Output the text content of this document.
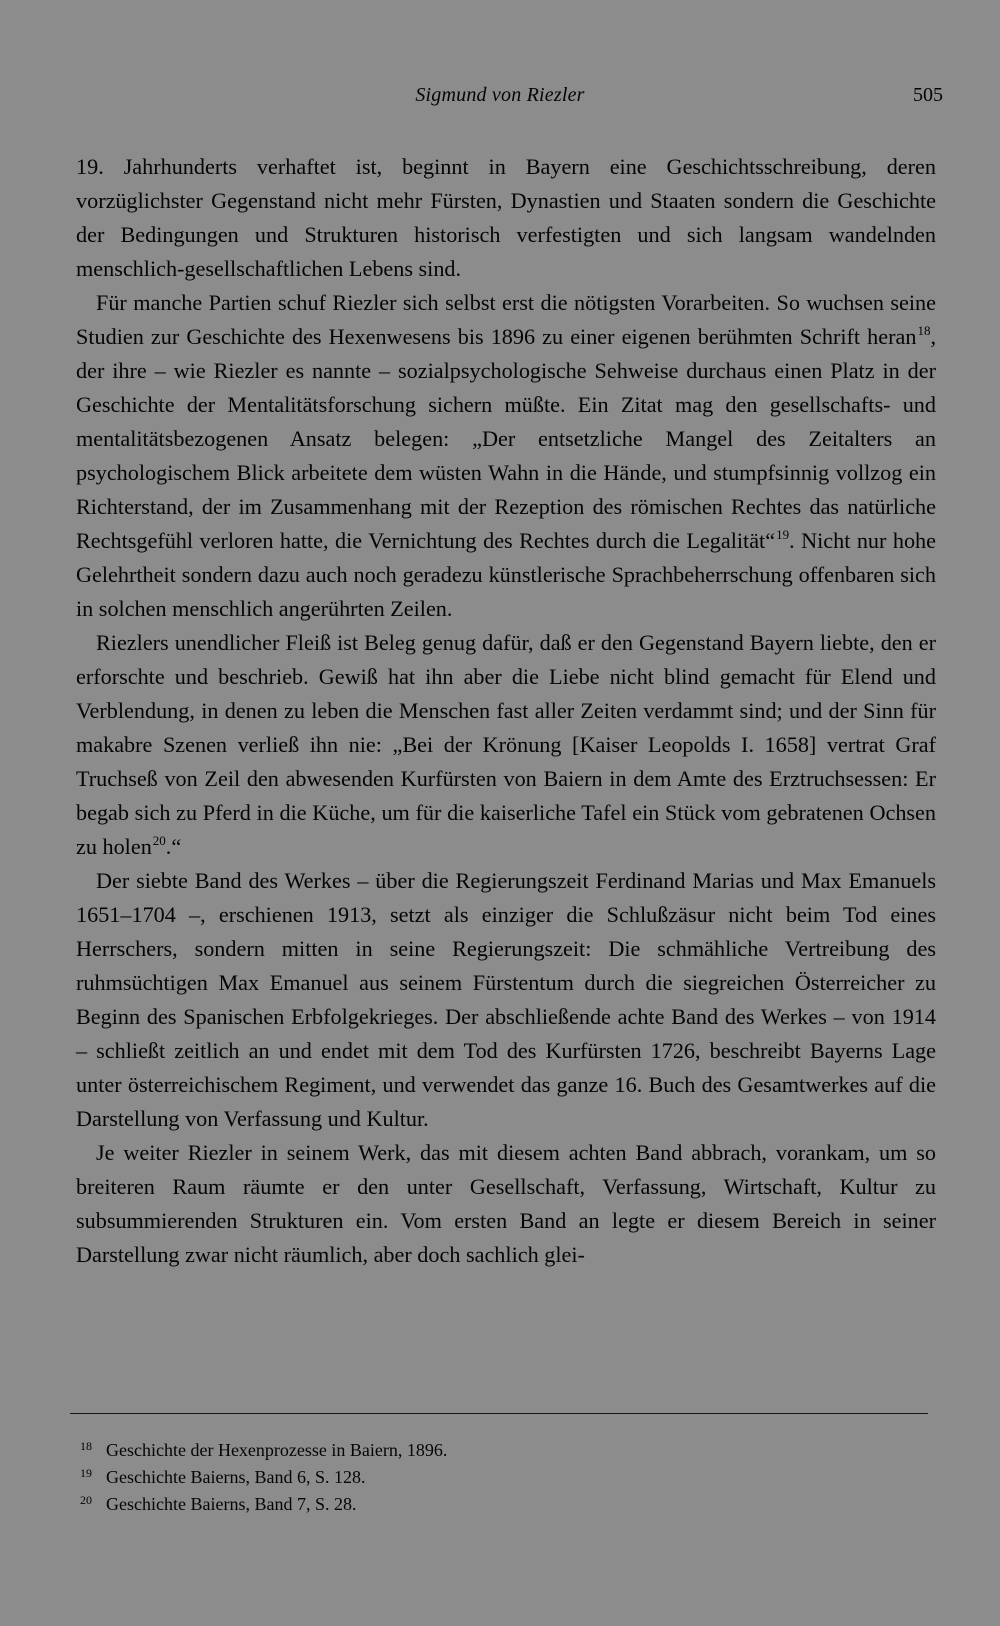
Sigmund von Riezler	505

19. Jahrhunderts verhaftet ist, beginnt in Bayern eine Geschichtsschreibung, deren vorzüglichster Gegenstand nicht mehr Fürsten, Dynastien und Staaten sondern die Geschichte der Bedingungen und Strukturen historisch verfestigten und sich langsam wandelnden menschlich-gesellschaftlichen Lebens sind.

Für manche Partien schuf Riezler sich selbst erst die nötigsten Vorarbeiten. So wuchsen seine Studien zur Geschichte des Hexenwesens bis 1896 zu einer eigenen berühmten Schrift heran$^{18}$, der ihre – wie Riezler es nannte – sozialpsychologische Sehweise durchaus einen Platz in der Geschichte der Mentalitätsforschung sichern müßte. Ein Zitat mag den gesellschafts- und mentalitätsbezogenen Ansatz belegen: „Der entsetzliche Mangel des Zeitalters an psychologischem Blick arbeitete dem wüsten Wahn in die Hände, und stumpfsinnig vollzog ein Richterstand, der im Zusammenhang mit der Rezeption des römischen Rechtes das natürliche Rechtsgefühl verloren hatte, die Vernichtung des Rechtes durch die Legalität“$^{19}$. Nicht nur hohe Gelehrtheit sondern dazu auch noch geradezu künstlerische Sprachbeherrschung offenbaren sich in solchen menschlich angerührten Zeilen.

Riezlers unendlicher Fleiß ist Beleg genug dafür, daß er den Gegenstand Bayern liebte, den er erforschte und beschrieb. Gewiß hat ihn aber die Liebe nicht blind gemacht für Elend und Verblendung, in denen zu leben die Menschen fast aller Zeiten verdammt sind; und der Sinn für makabre Szenen verließ ihn nie: „Bei der Krönung [Kaiser Leopolds I. 1658] vertrat Graf Truchseß von Zeil den abwesenden Kurfürsten von Baiern in dem Amte des Erztruchsessen: Er begab sich zu Pferd in die Küche, um für die kaiserliche Tafel ein Stück vom gebratenen Ochsen zu holen$^{20}$.“

Der siebte Band des Werkes – über die Regierungszeit Ferdinand Marias und Max Emanuels 1651–1704 –, erschienen 1913, setzt als einziger die Schlußzäsur nicht beim Tod eines Herrschers, sondern mitten in seine Regierungszeit: Die schmähliche Vertreibung des ruhmsüchtigen Max Emanuel aus seinem Fürstentum durch die siegreichen Österreicher zu Beginn des Spanischen Erbfolgekrieges. Der abschließende achte Band des Werkes – von 1914 – schließt zeitlich an und endet mit dem Tod des Kurfürsten 1726, beschreibt Bayerns Lage unter österreichischem Regiment, und verwendet das ganze 16. Buch des Gesamtwerkes auf die Darstellung von Verfassung und Kultur.

Je weiter Riezler in seinem Werk, das mit diesem achten Band abbrach, vorankam, um so breiteren Raum räumte er den unter Gesellschaft, Verfassung, Wirtschaft, Kultur zu subsummierenden Strukturen ein. Vom ersten Band an legte er diesem Bereich in seiner Darstellung zwar nicht räumlich, aber doch sachlich glei-

18 Geschichte der Hexenprozesse in Baiern, 1896.
19 Geschichte Baierns, Band 6, S. 128.
20 Geschichte Baierns, Band 7, S. 28.
